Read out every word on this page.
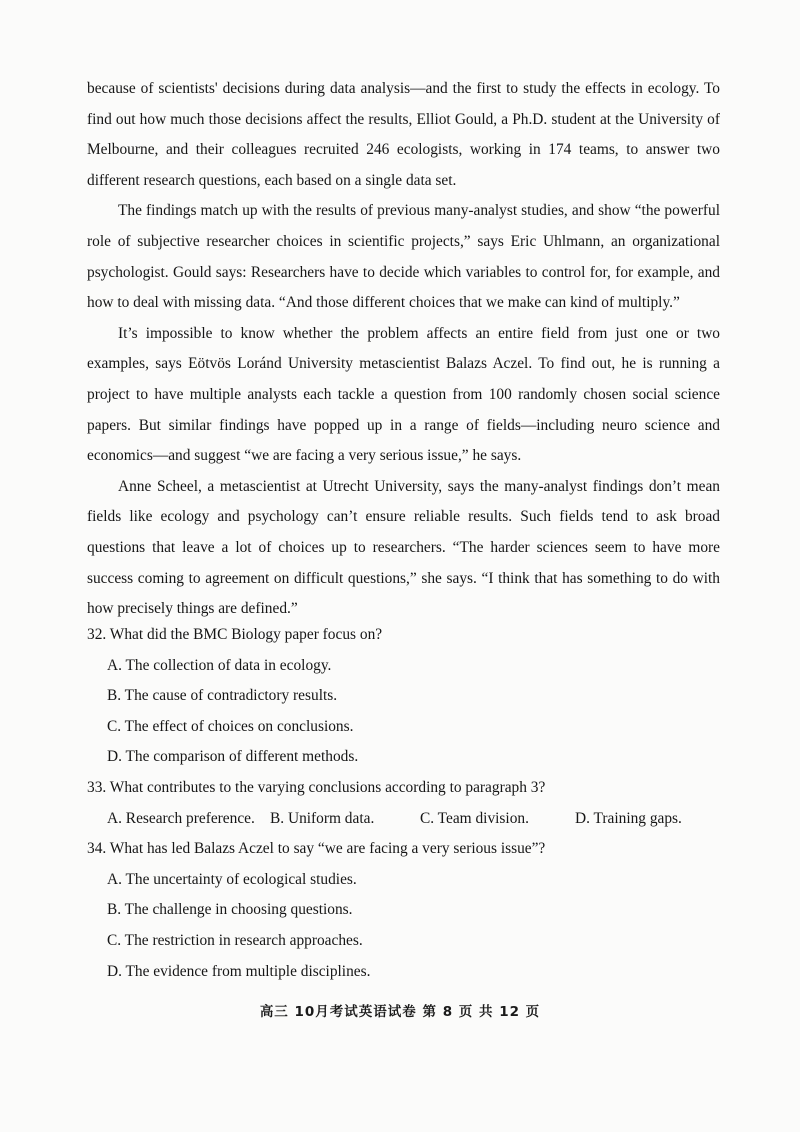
because of scientists' decisions during data analysis—and the first to study the effects in ecology. To find out how much those decisions affect the results, Elliot Gould, a Ph.D. student at the University of Melbourne, and their colleagues recruited 246 ecologists, working in 174 teams, to answer two different research questions, each based on a single data set.

The findings match up with the results of previous many-analyst studies, and show “the powerful role of subjective researcher choices in scientific projects,” says Eric Uhlmann, an organizational psychologist. Gould says: Researchers have to decide which variables to control for, for example, and how to deal with missing data. “And those different choices that we make can kind of multiply.”

It’s impossible to know whether the problem affects an entire field from just one or two examples, says Eötvös Loránd University metascientist Balazs Aczel. To find out, he is running a project to have multiple analysts each tackle a question from 100 randomly chosen social science papers. But similar findings have popped up in a range of fields—including neuro science and economics—and suggest “we are facing a very serious issue,” he says.

Anne Scheel, a metascientist at Utrecht University, says the many-analyst findings don’t mean fields like ecology and psychology can’t ensure reliable results. Such fields tend to ask broad questions that leave a lot of choices up to researchers. “The harder sciences seem to have more success coming to agreement on difficult questions,” she says. “I think that has something to do with how precisely things are defined.”

32. What did the BMC Biology paper focus on?

A. The collection of data in ecology.
B. The cause of contradictory results.
C. The effect of choices on conclusions.
D. The comparison of different methods.

33. What contributes to the varying conclusions according to paragraph 3?

A. Research preference. B. Uniform data.	C. Team division.	D. Training gaps.

34. What has led Balazs Aczel to say “we are facing a very serious issue”?

A. The uncertainty of ecological studies.
B. The challenge in choosing questions.
C. The restriction in research approaches.
D. The evidence from multiple disciplines.
高三 10月考试英语试卷 第 8 页 共 12 页
